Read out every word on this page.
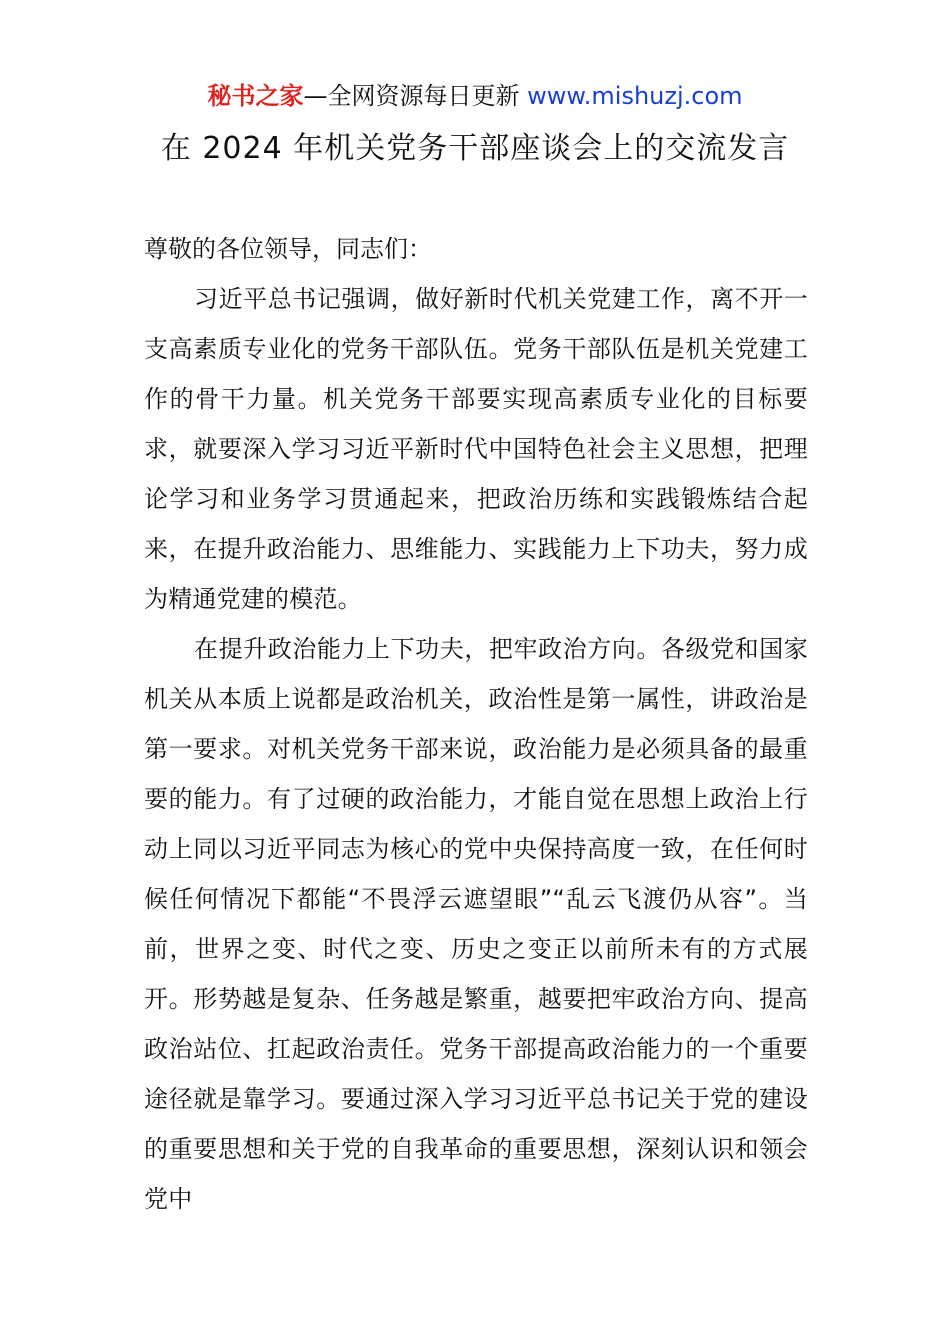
秘书之家—全网资源每日更新 www.mishuzj.com
在 2024 年机关党务干部座谈会上的交流发言

尊敬的各位领导，同志们：

习近平总书记强调，做好新时代机关党建工作，离不开一支高素质专业化的党务干部队伍。党务干部队伍是机关党建工作的骨干力量。机关党务干部要实现高素质专业化的目标要求，就要深入学习习近平新时代中国特色社会主义思想，把理论学习和业务学习贯通起来，把政治历练和实践锻炼结合起来，在提升政治能力、思维能力、实践能力上下功夫，努力成为精通党建的模范。

在提升政治能力上下功夫，把牢政治方向。各级党和国家机关从本质上说都是政治机关，政治性是第一属性，讲政治是第一要求。对机关党务干部来说，政治能力是必须具备的最重要的能力。有了过硬的政治能力，才能自觉在思想上政治上行动上同以习近平同志为核心的党中央保持高度一致，在任何时候任何情况下都能“不畏浮云遮望眼”“乱云飞渡仍从容”。当前，世界之变、时代之变、历史之变正以前所未有的方式展开。形势越是复杂、任务越是繁重，越要把牢政治方向、提高政治站位、扛起政治责任。党务干部提高政治能力的一个重要途径就是靠学习。要通过深入学习习近平总书记关于党的建设的重要思想和关于党的自我革命的重要思想，深刻认识和领会党中
